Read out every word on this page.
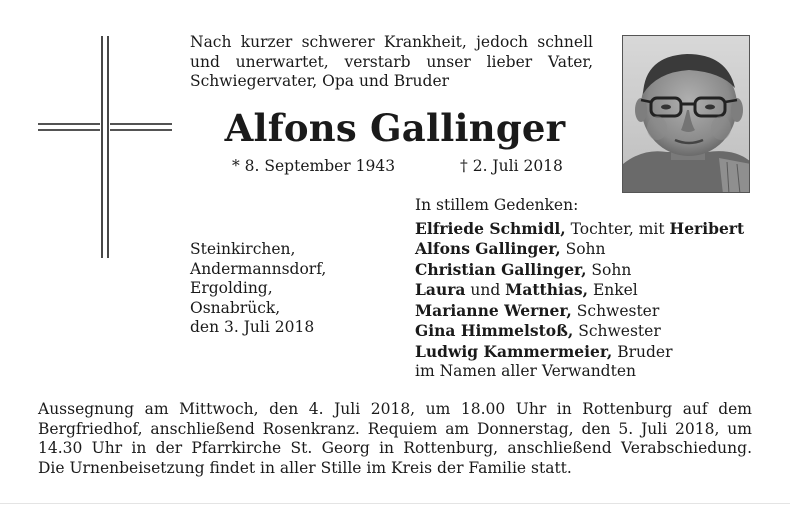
Nach kurzer schwerer Krankheit, jedoch schnell
und unerwartet, verstarb unser lieber Vater,
Schwiegervater, Opa und Bruder
Alfons Gallinger
* 8. September 1943	† 2. Juli 2018
Steinkirchen,
Andermannsdorf,
Ergolding,
Osnabrück,
den 3. Juli 2018
In stillem Gedenken:
Elfriede Schmidl, Tochter, mit Heribert
Alfons Gallinger, Sohn
Christian Gallinger, Sohn
Laura und Matthias, Enkel
Marianne Werner, Schwester
Gina Himmelstoß, Schwester
Ludwig Kammermeier, Bruder
im Namen aller Verwandten
Aussegnung am Mittwoch, den 4. Juli 2018, um 18.00 Uhr in Rottenburg auf dem
Bergfriedhof, anschließend Rosenkranz. Requiem am Donnerstag, den 5. Juli 2018, um
14.30 Uhr in der Pfarrkirche St. Georg in Rottenburg, anschließend Verabschiedung.
Die Urnenbeisetzung findet in aller Stille im Kreis der Familie statt.
